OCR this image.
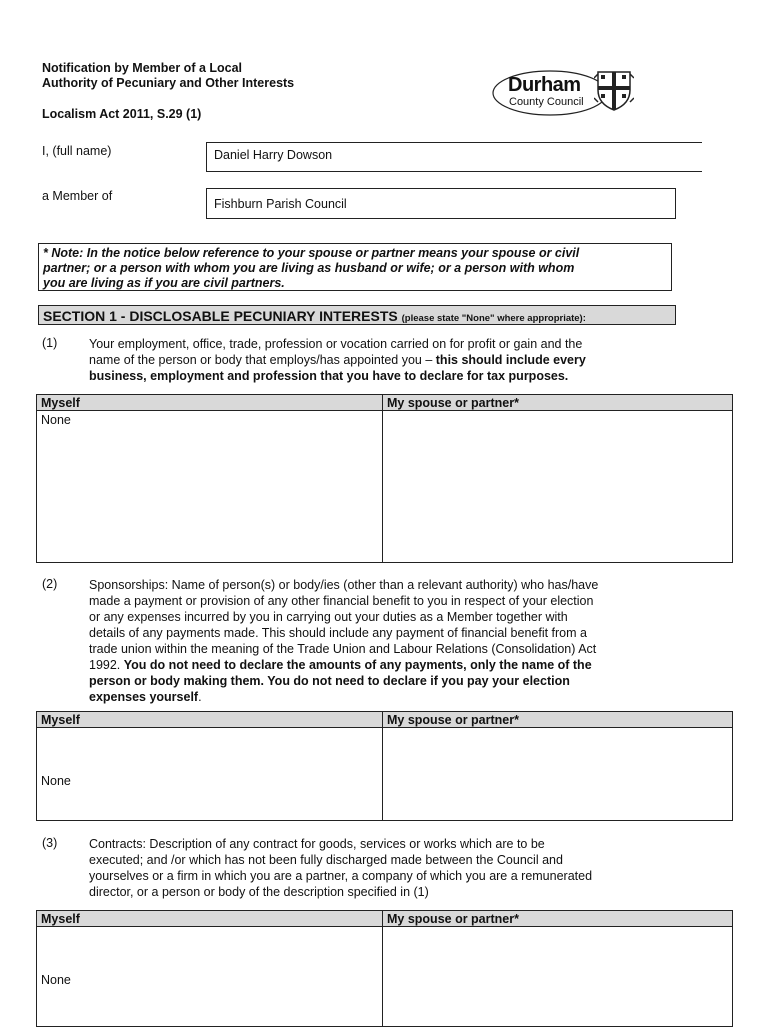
Notification by Member of a Local
Authority of Pecuniary and Other Interests
Localism Act 2011, S.29 (1)
Durham
County Council
I, (full name)	Daniel Harry Dowson
a Member of
Fishburn Parish Council
* Note: In the notice below reference to your spouse or partner means your spouse or civil
partner; or a person with whom you are living as husband or wife; or a person with whom
you are living as if you are civil partners.
SECTION 1 - DISCLOSABLE PECUNIARY INTERESTS (please state "None" where appropriate):
(1)	Your employment, office, trade, profession or vocation carried on for profit or gain and the
name of the person or body that employs/has appointed you – this should include every
business, employment and profession that you have to declare for tax purposes.
Myself	My spouse or partner*
None	
(2)	Sponsorships: Name of person(s) or body/ies (other than a relevant authority) who has/have
made a payment or provision of any other financial benefit to you in respect of your election
or any expenses incurred by you in carrying out your duties as a Member together with
details of any payments made. This should include any payment of financial benefit from a
trade union within the meaning of the Trade Union and Labour Relations (Consolidation) Act
1992. You do not need to declare the amounts of any payments, only the name of the
person or body making them. You do not need to declare if you pay your election
expenses yourself.
Myself	My spouse or partner*
None	
(3)	Contracts: Description of any contract for goods, services or works which are to be
executed; and /or which has not been fully discharged made between the Council and
yourselves or a firm in which you are a partner, a company of which you are a remunerated
director, or a person or body of the description specified in (1)
Myself	My spouse or partner*
None	
